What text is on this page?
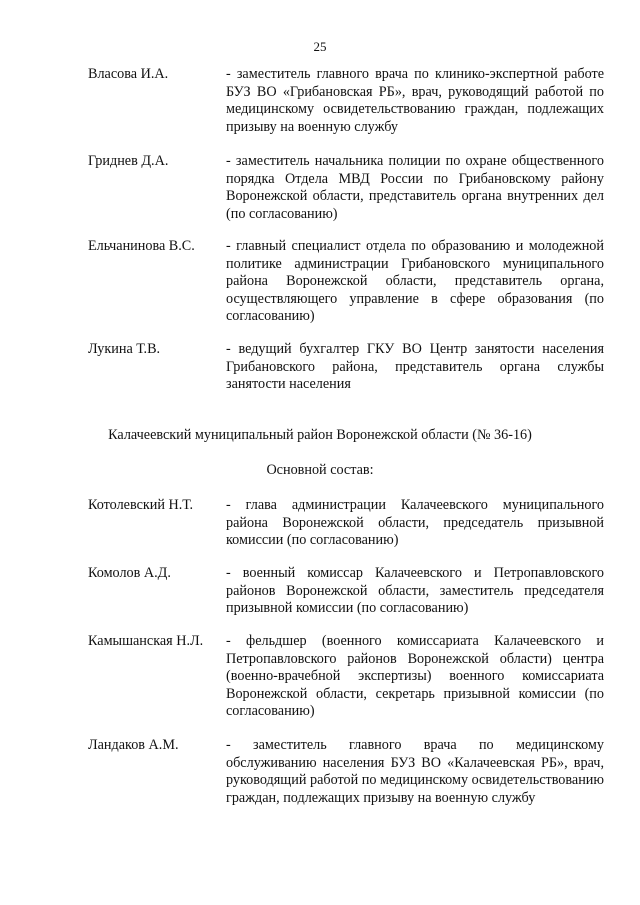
25
Власова И.А.	- заместитель главного врача по клинико-экспертной работе БУЗ ВО «Грибановская РБ», врач, руководящий работой по медицинскому освидетельствованию граждан, подлежащих призыву на военную службу
Гриднев Д.А.	- заместитель начальника полиции по охране общественного порядка Отдела МВД России по Грибановскому району Воронежской области, представитель органа внутренних дел (по согласованию)
Ельчанинова В.С.	- главный специалист отдела по образованию и молодежной политике администрации Грибановского муниципального района Воронежской области, представитель органа, осуществляющего управление в сфере образования (по согласованию)
Лукина Т.В.	- ведущий бухгалтер ГКУ ВО Центр занятости населения Грибановского района, представитель органа службы занятости населения
Калачеевский муниципальный район Воронежской области (№ 36-16)
Основной состав:
Котолевский Н.Т.	- глава администрации Калачеевского муниципального района Воронежской области, председатель призывной комиссии (по согласованию)
Комолов А.Д.	- военный комиссар Калачеевского и Петропавловского районов Воронежской области, заместитель председателя призывной комиссии (по согласованию)
Камышанская Н.Л.	- фельдшер (военного комиссариата Калачеевского и Петропавловского районов Воронежской области) центра (военно-врачебной экспертизы) военного комиссариата Воронежской области, секретарь призывной комиссии (по согласованию)
Ландаков А.М.	- заместитель главного врача по медицинскому обслуживанию населения БУЗ ВО «Калачеевская РБ», врач, руководящий работой по медицинскому освидетельствованию граждан, подлежащих призыву на военную службу
